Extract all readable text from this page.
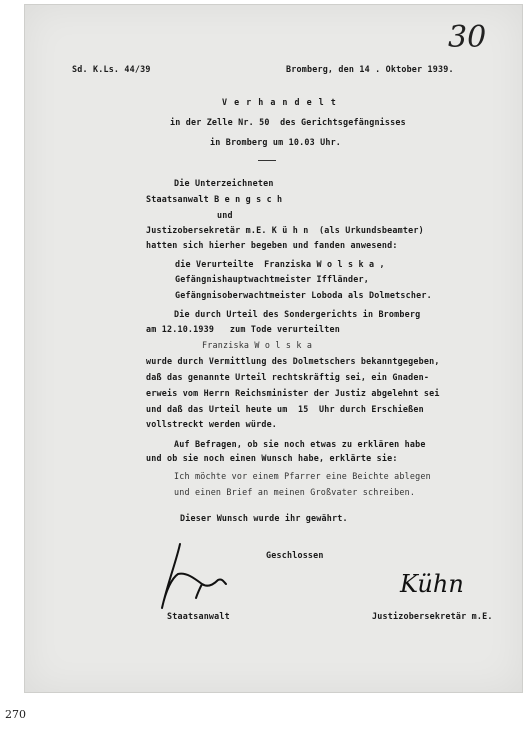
30
Sd. K.Ls. 44/39	Bromberg, den 14 . Oktober 1939.
V e r h a n d e l t
in der Zelle Nr. 50  des Gerichtsgefängnisses
in Bromberg um 10.03 Uhr.
Die Unterzeichneten
Staatsanwalt B e n g s c h
und
Justizobersekretär m.E. K ü h n  (als Urkundsbeamter)
hatten sich hierher begeben und fanden anwesend:
die Verurteilte  Franziska W o l s k a ,
Gefängnishauptwachtmeister Iffländer,
Gefängnisoberwachtmeister Loboda als Dolmetscher.
Die durch Urteil des Sondergerichts in Bromberg
am 12.10.1939   zum Tode verurteilten
Franziska W o l s k a
wurde durch Vermittlung des Dolmetschers bekanntgegeben,
daß das genannte Urteil rechtskräftig sei, ein Gnaden-
erweis vom Herrn Reichsminister der Justiz abgelehnt sei
und daß das Urteil heute um  15  Uhr durch Erschießen
vollstreckt werden würde.
Auf Befragen, ob sie noch etwas zu erklären habe
und ob sie noch einen Wunsch habe, erklärte sie:
Ich möchte vor einem Pfarrer eine Beichte ablegen
und einen Brief an meinen Großvater schreiben.
Dieser Wunsch wurde ihr gewährt.
Geschlossen
Staatsanwalt
Kühn
Justizobersekretär m.E.
270
